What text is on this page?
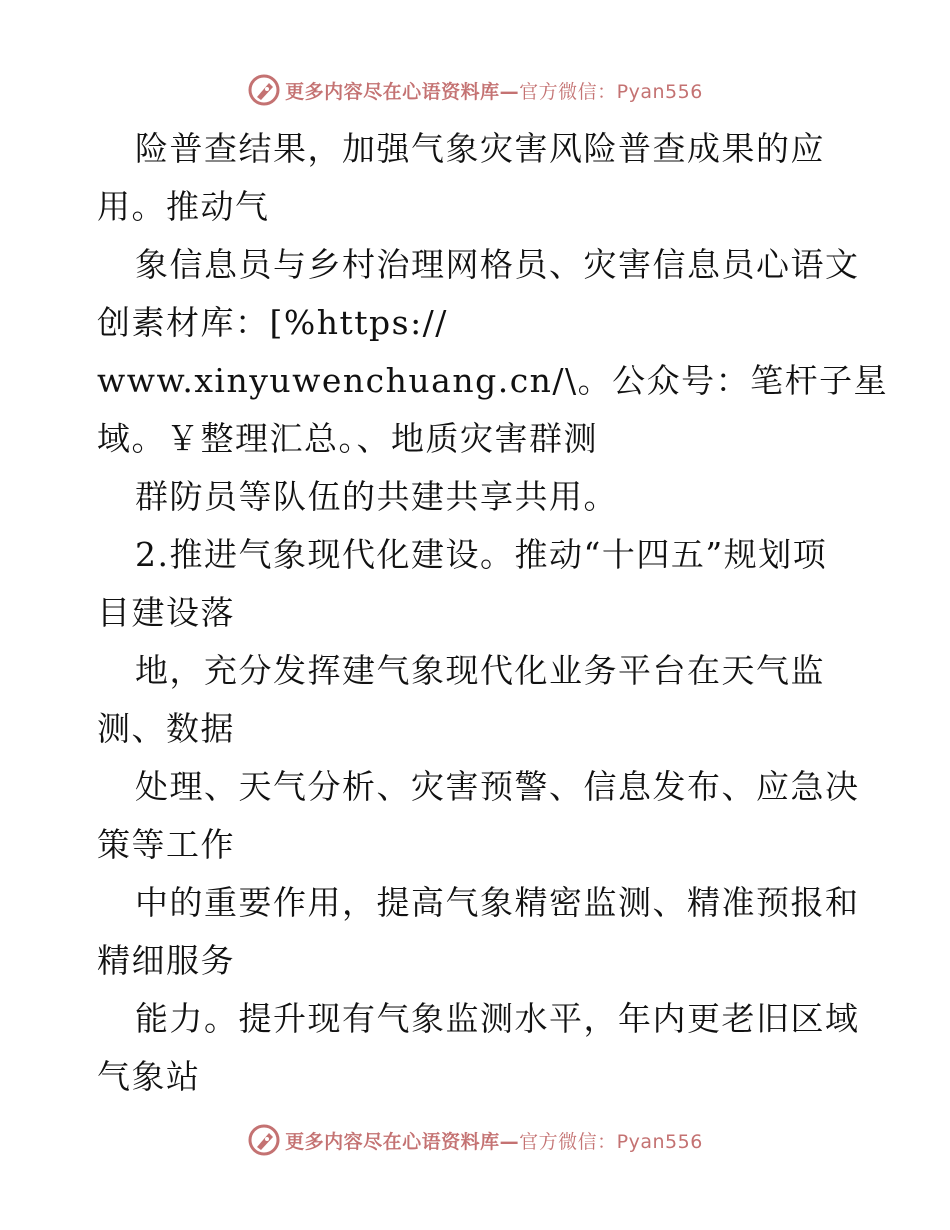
更多内容尽在心语资料库—官方微信：Pyan556
险普查结果，加强气象灾害风险普查成果的应
用。推动气
象信息员与乡村治理网格员、灾害信息员心语文
创素材库：[%https://
www.xinyuwenchuang.cn/\。公众号：笔杆子星
域。￥整理汇总。、地质灾害群测
群防员等队伍的共建共享共用。
2.推进气象现代化建设。推动“十四五”规划项
目建设落
地，充分发挥建气象现代化业务平台在天气监
测、数据
处理、天气分析、灾害预警、信息发布、应急决
策等工作
中的重要作用，提高气象精密监测、精准预报和
精细服务
能力。提升现有气象监测水平，年内更老旧区域
气象站
更多内容尽在心语资料库—官方微信：Pyan556
